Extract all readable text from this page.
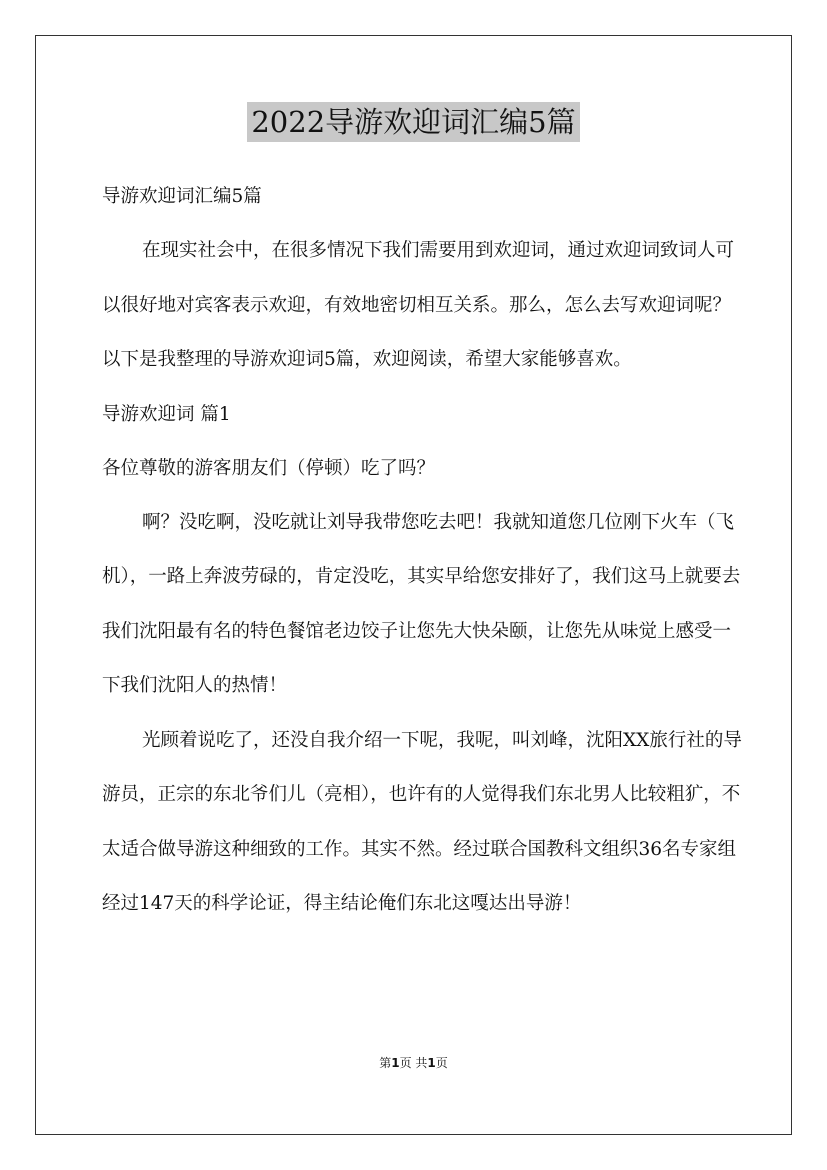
2022导游欢迎词汇编5篇

导游欢迎词汇编5篇

在现实社会中，在很多情况下我们需要用到欢迎词，通过欢迎词致词人可以很好地对宾客表示欢迎，有效地密切相互关系。那么，怎么去写欢迎词呢？以下是我整理的导游欢迎词5篇，欢迎阅读，希望大家能够喜欢。

导游欢迎词 篇1

各位尊敬的游客朋友们（停顿）吃了吗？

啊？没吃啊，没吃就让刘导我带您吃去吧！我就知道您几位刚下火车（飞机），一路上奔波劳碌的，肯定没吃，其实早给您安排好了，我们这马上就要去我们沈阳最有名的特色餐馆老边饺子让您先大快朵颐，让您先从味觉上感受一下我们沈阳人的热情！

光顾着说吃了，还没自我介绍一下呢，我呢，叫刘峰，沈阳XX旅行社的导游员，正宗的东北爷们儿（亮相），也许有的人觉得我们东北男人比较粗犷，不太适合做导游这种细致的工作。其实不然。经过联合国教科文组织36名专家组经过147天的科学论证，得主结论俺们东北这嘎达出导游！

第1页 共1页
